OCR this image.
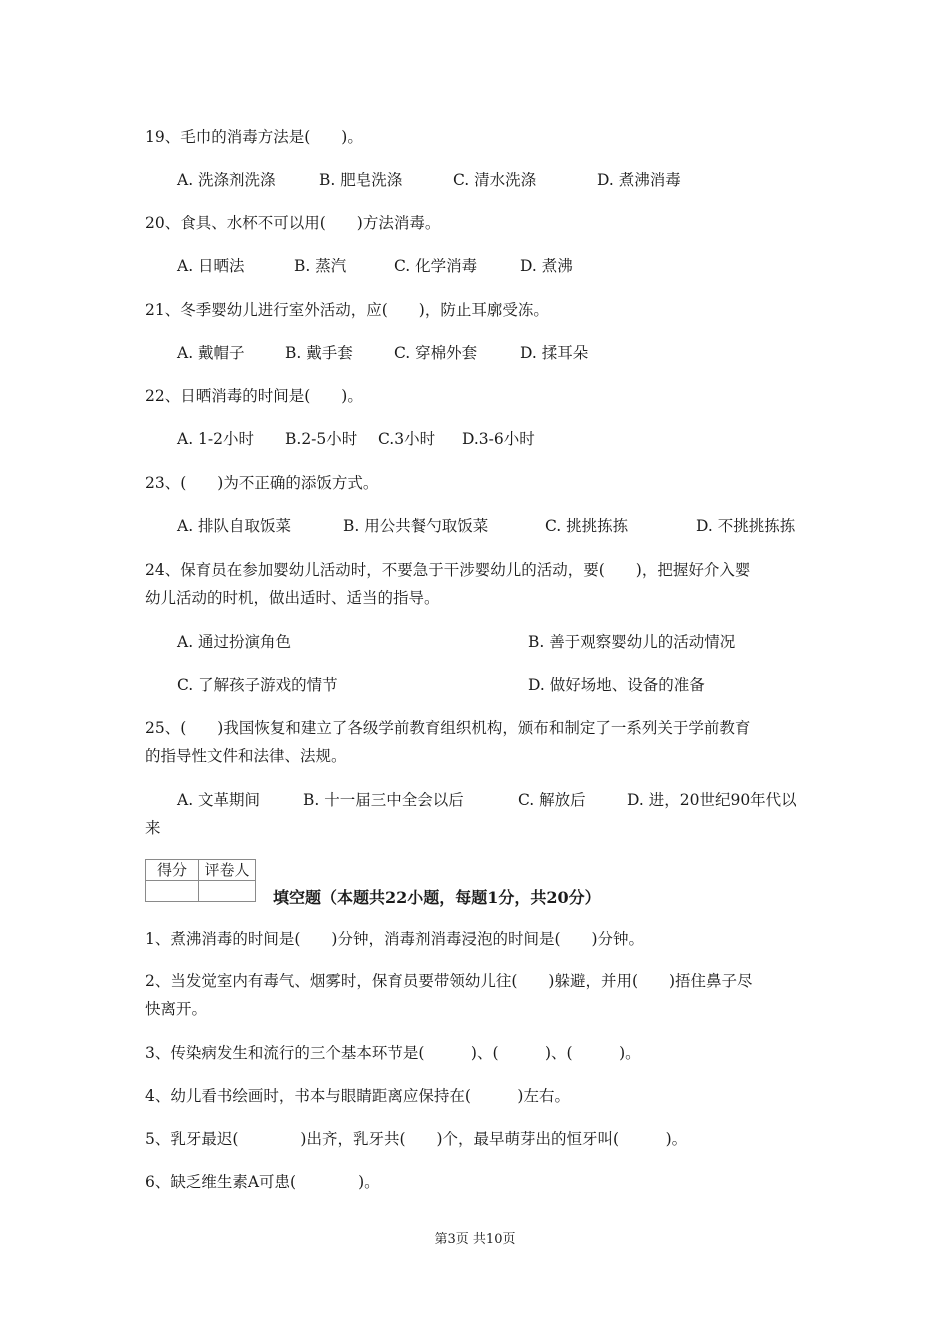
19、毛巾的消毒方法是(　　)。
A. 洗涤剂洗涤	B. 肥皂洗涤	C. 清水洗涤	D. 煮沸消毒
20、食具、水杯不可以用(　　)方法消毒。
A. 日晒法	B. 蒸汽	C. 化学消毒	D. 煮沸
21、冬季婴幼儿进行室外活动，应(　　)，防止耳廓受冻。
A. 戴帽子	B. 戴手套	C. 穿棉外套	D. 揉耳朵
22、日晒消毒的时间是(　　)。
A. 1-2小时 B.2-5小时 C.3小时 D.3-6小时
23、(　　)为不正确的添饭方式。
A. 排队自取饭菜	B. 用公共餐勺取饭菜	C. 挑挑拣拣	D. 不挑挑拣拣
24、保育员在参加婴幼儿活动时，不要急于干涉婴幼儿的活动，要(　　)，把握好介入婴
幼儿活动的时机，做出适时、适当的指导。
A. 通过扮演角色	B. 善于观察婴幼儿的活动情况
C. 了解孩子游戏的情节	D. 做好场地、设备的准备
25、(　　)我国恢复和建立了各级学前教育组织机构，颁布和制定了一系列关于学前教育
的指导性文件和法律、法规。
A. 文革期间	B. 十一届三中全会以后	C. 解放后	D. 进，20世纪90年代以
来
得分	评卷人

填空题（本题共22小题，每题1分，共20分）
1、煮沸消毒的时间是(　　)分钟，消毒剂消毒浸泡的时间是(　　)分钟。
2、当发觉室内有毒气、烟雾时，保育员要带领幼儿往(　　)躲避，并用(　　)捂住鼻子尽
快离开。
3、传染病发生和流行的三个基本环节是(　　　)、(　　　)、(　　　)。
4、幼儿看书绘画时，书本与眼睛距离应保持在(　　　)左右。
5、乳牙最迟(　　　　)出齐，乳牙共(　　)个，最早萌芽出的恒牙叫(　　　)。
6、缺乏维生素A可患(　　　　)。
第3页 共10页
